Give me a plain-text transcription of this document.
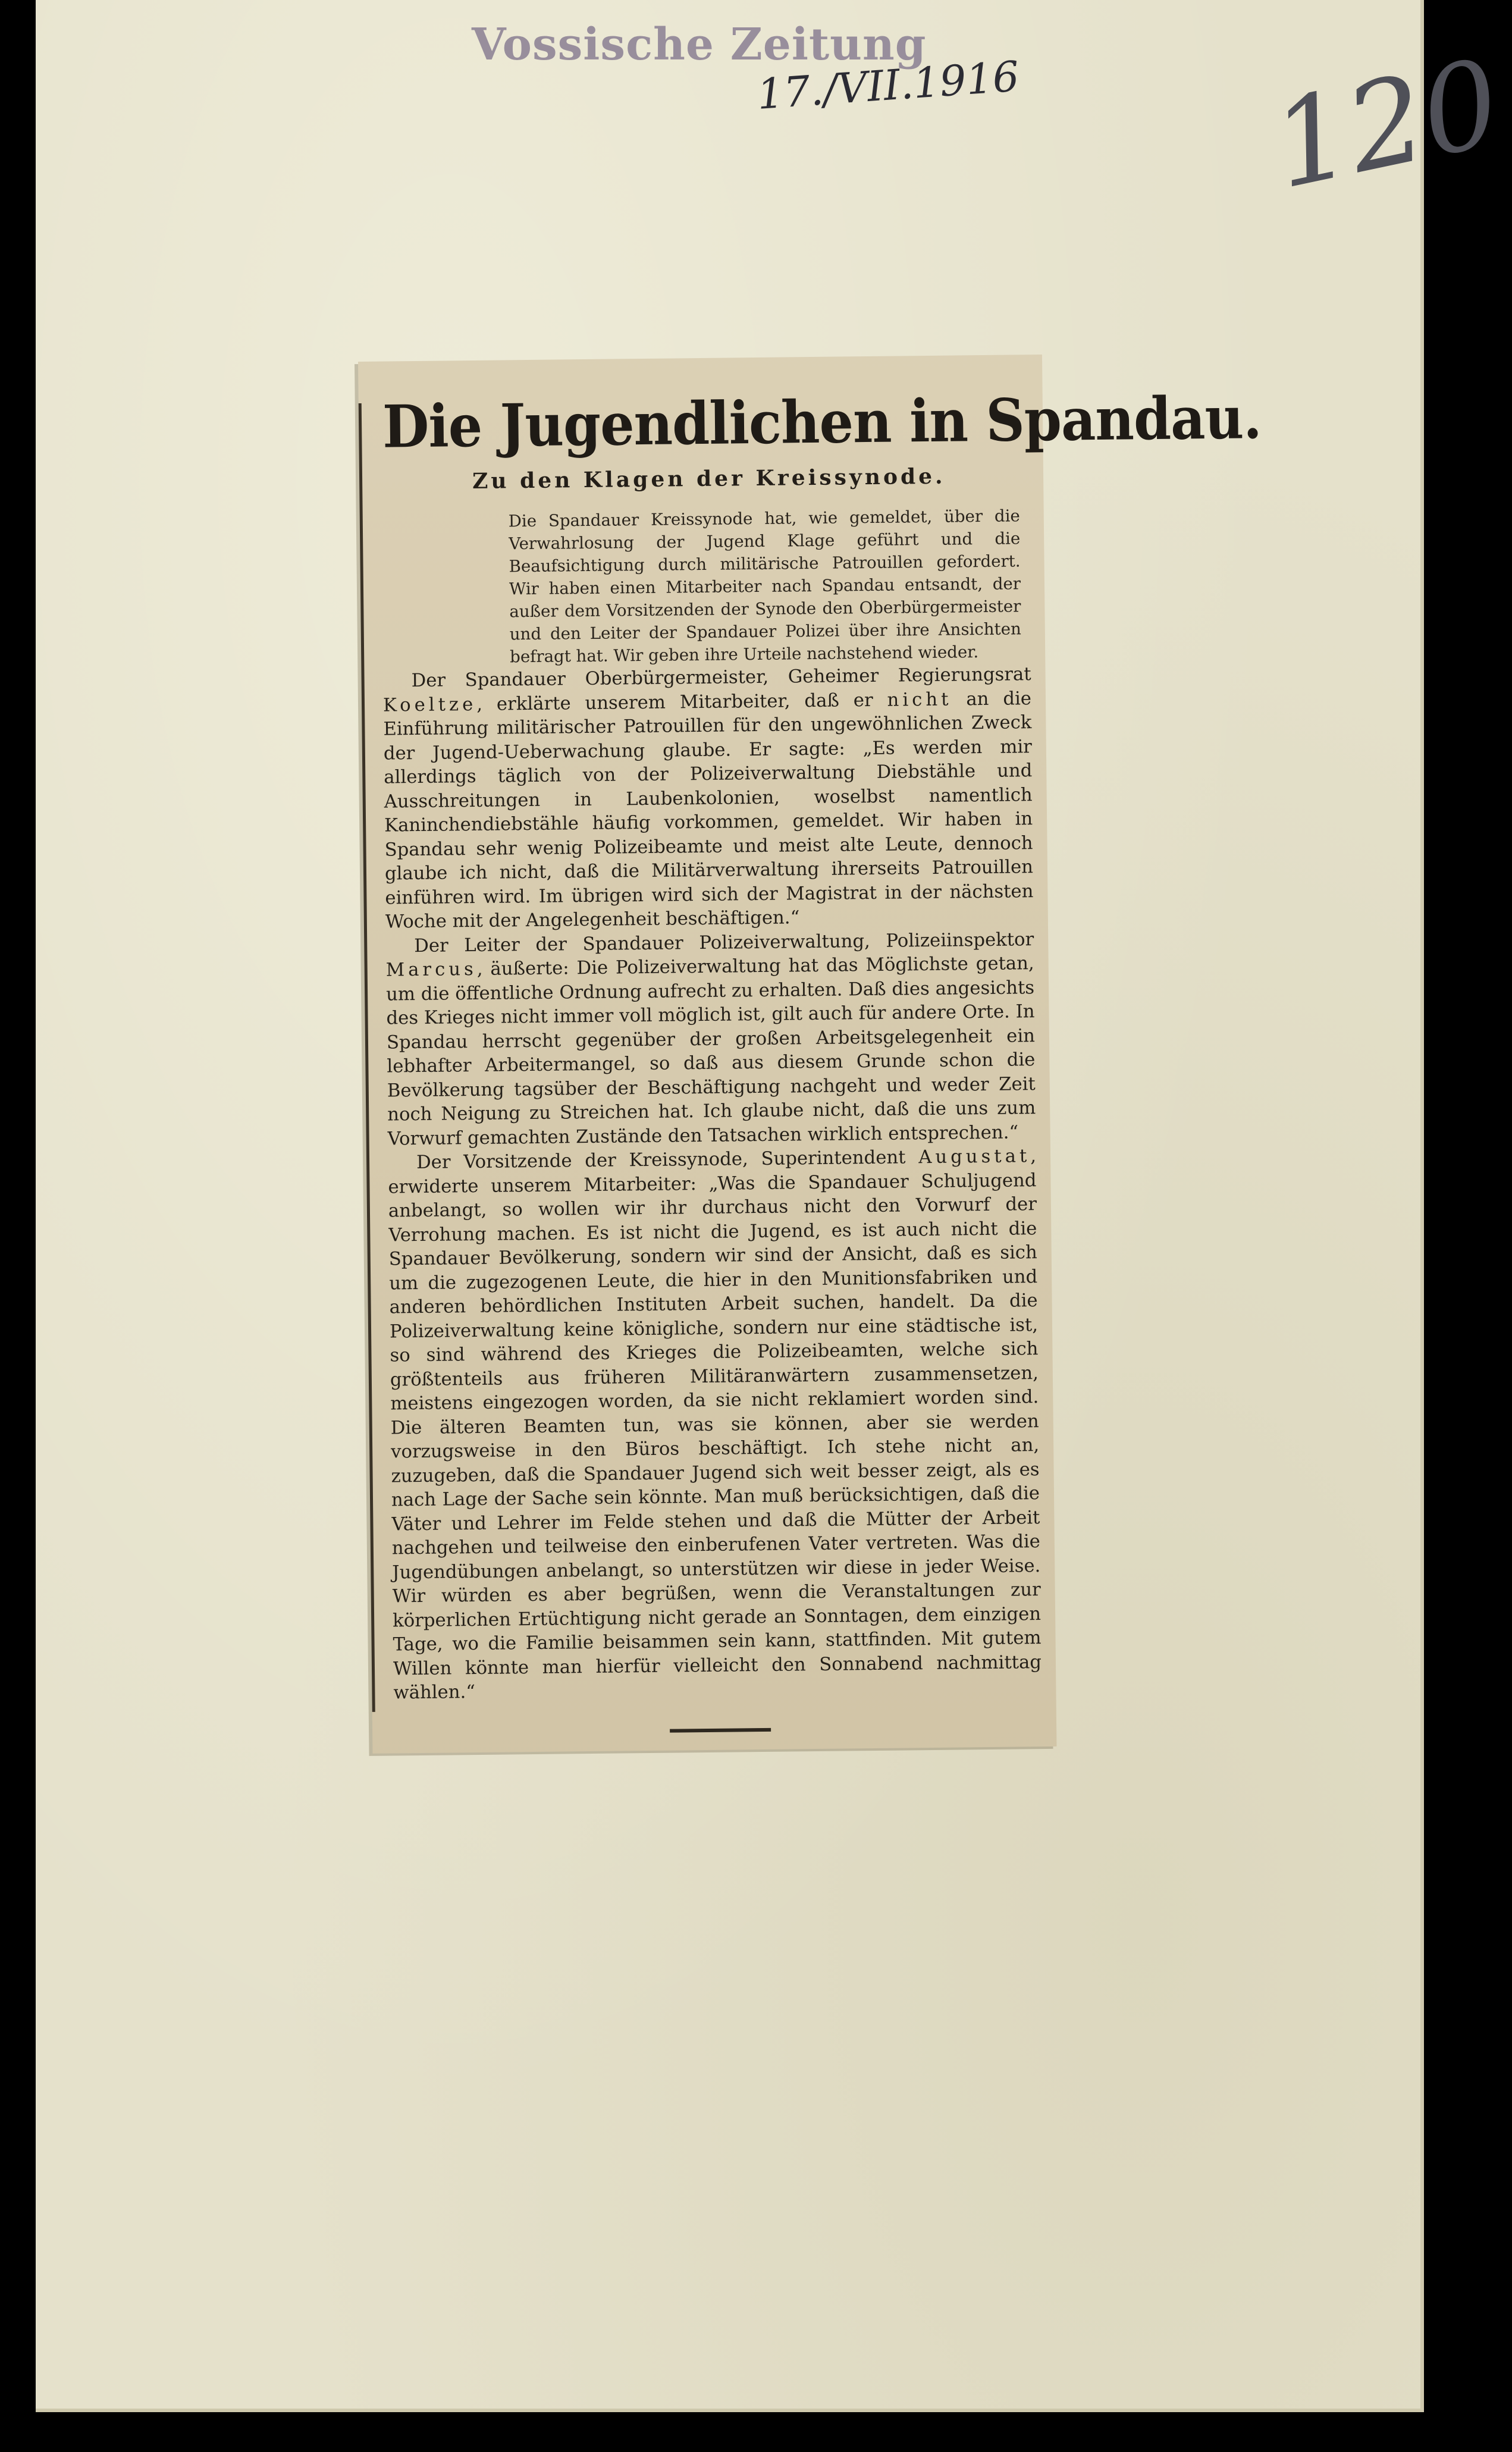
Vossische Zeitung
17./VII.1916 120
Die Jugendlichen in Spandau.
Zu den Klagen der Kreissynode.
Die Spandauer Kreissynode hat, wie gemeldet, über die Verwahrlosung der Jugend Klage geführt und die Beaufsichtigung durch militärische Patrouillen gefordert. Wir haben einen Mitarbeiter nach Spandau entsandt, der außer dem Vorsitzenden der Synode den Oberbürgermeister und den Leiter der Spandauer Polizei über ihre Ansichten befragt hat. Wir geben ihre Urteile nachstehend wieder.

Der Spandauer Oberbürgermeister, Geheimer Regierungsrat Koeltze, erklärte unserem Mitarbeiter, daß er nicht an die Einführung militärischer Patrouillen für den ungewöhnlichen Zweck der Jugend-Ueberwachung glaube. Er sagte: „Es werden mir allerdings täglich von der Polizeiverwaltung Diebstähle und Ausschreitungen in Laubenkolonien, woselbst namentlich Kaninchendiebstähle häufig vorkommen, gemeldet. Wir haben in Spandau sehr wenig Polizeibeamte und meist alte Leute, dennoch glaube ich nicht, daß die Militärverwaltung ihrerseits Patrouillen einführen wird. Im übrigen wird sich der Magistrat in der nächsten Woche mit der Angelegenheit beschäftigen.“

Der Leiter der Spandauer Polizeiverwaltung, Polizeiinspektor Marcus, äußerte: Die Polizeiverwaltung hat das Möglichste getan, um die öffentliche Ordnung aufrecht zu erhalten. Daß dies angesichts des Krieges nicht immer voll möglich ist, gilt auch für andere Orte. In Spandau herrscht gegenüber der großen Arbeitsgelegenheit ein lebhafter Arbeitermangel, so daß aus diesem Grunde schon die Bevölkerung tagsüber der Beschäftigung nachgeht und weder Zeit noch Neigung zu Streichen hat. Ich glaube nicht, daß die uns zum Vorwurf gemachten Zustände den Tatsachen wirklich entsprechen.“

Der Vorsitzende der Kreissynode, Superintendent Augustat, erwiderte unserem Mitarbeiter: „Was die Spandauer Schuljugend anbelangt, so wollen wir ihr durchaus nicht den Vorwurf der Verrohung machen. Es ist nicht die Jugend, es ist auch nicht die Spandauer Bevölkerung, sondern wir sind der Ansicht, daß es sich um die zugezogenen Leute, die hier in den Munitionsfabriken und anderen behördlichen Instituten Arbeit suchen, handelt. Da die Polizeiverwaltung keine königliche, sondern nur eine städtische ist, so sind während des Krieges die Polizeibeamten, welche sich größtenteils aus früheren Militäranwärtern zusammensetzen, meistens eingezogen worden, da sie nicht reklamiert worden sind. Die älteren Beamten tun, was sie können, aber sie werden vorzugsweise in den Büros beschäftigt. Ich stehe nicht an, zuzugeben, daß die Spandauer Jugend sich weit besser zeigt, als es nach Lage der Sache sein könnte. Man muß berücksichtigen, daß die Väter und Lehrer im Felde stehen und daß die Mütter der Arbeit nachgehen und teilweise den einberufenen Vater vertreten. Was die Jugendübungen anbelangt, so unterstützen wir diese in jeder Weise. Wir würden es aber begrüßen, wenn die Veranstaltungen zur körperlichen Ertüchtigung nicht gerade an Sonntagen, dem einzigen Tage, wo die Familie beisammen sein kann, stattfinden. Mit gutem Willen könnte man hierfür vielleicht den Sonnabend nachmittag wählen.“
